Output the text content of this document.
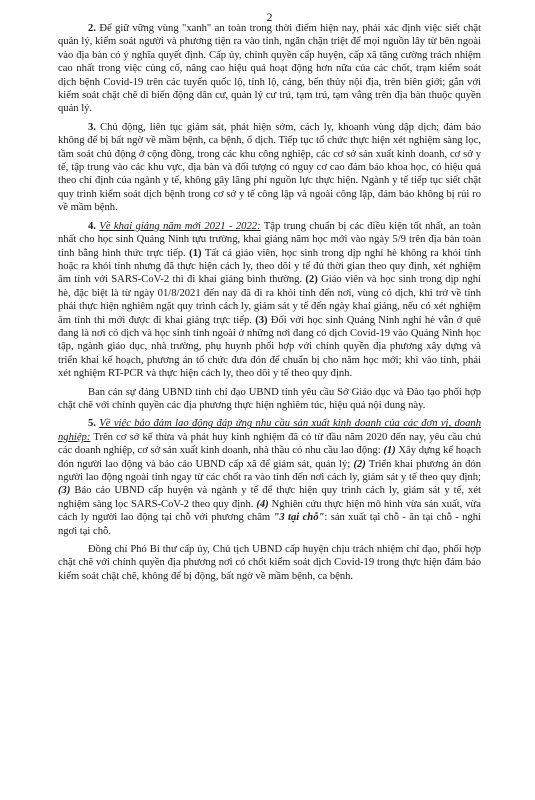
2

2. Để giữ vững vùng "xanh" an toàn trong thời điểm hiện nay, phải xác định việc siết chặt quản lý, kiểm soát người và phương tiện ra vào tỉnh, ngăn chặn triệt để mọi nguồn lây từ bên ngoài vào địa bàn có ý nghĩa quyết định. Cấp ủy, chính quyền cấp huyện, cấp xã tăng cường trách nhiệm cao nhất trong việc củng cố, nâng cao hiệu quả hoạt động hơn nữa của các chốt, trạm kiểm soát dịch bệnh Covid-19 trên các tuyến quốc lộ, tỉnh lộ, cảng, bến thủy nội địa, trên biên giới; gắn với kiểm soát chặt chẽ di biến động dân cư, quản lý cư trú, tạm trú, tạm vắng trên địa bàn thuộc quyền quản lý.

3. Chủ động, liên tục giám sát, phát hiện sớm, cách ly, khoanh vùng dập dịch; đảm bảo không để bị bất ngờ về mầm bệnh, ca bệnh, ổ dịch. Tiếp tục tổ chức thực hiện xét nghiệm sàng lọc, tầm soát chủ động ở cộng đồng, trong các khu công nghiệp, các cơ sở sản xuất kinh doanh, cơ sở y tế, tập trung vào các khu vực, địa bàn và đối tượng có nguy cơ cao đảm bảo khoa học, có hiệu quả theo chỉ định của ngành y tế, không gây lãng phí nguồn lực thực hiện. Ngành y tế tiếp tục siết chặt quy trình kiểm soát dịch bệnh trong cơ sở y tế công lập và ngoài công lập, đảm bảo không bị rủi ro về mầm bệnh.

4. Về khai giảng năm mới 2021 - 2022: Tập trung chuẩn bị các điều kiện tốt nhất, an toàn nhất cho học sinh Quảng Ninh tựu trường, khai giảng năm học mới vào ngày 5/9 trên địa bàn toàn tỉnh bằng hình thức trực tiếp. (1) Tất cả giáo viên, học sinh trong dịp nghỉ hè không ra khỏi tỉnh hoặc ra khỏi tỉnh nhưng đã thực hiện cách ly, theo dõi y tế đủ thời gian theo quy định, xét nghiệm âm tính với SARS-CoV-2 thì đi khai giảng bình thường. (2) Giáo viên và học sinh trong dịp nghỉ hè, đặc biệt là từ ngày 01/8/2021 đến nay đã đi ra khỏi tỉnh đến nơi, vùng có dịch, khi trở về tỉnh phải thực hiện nghiêm ngặt quy trình cách ly, giám sát y tế đến ngày khai giảng, nếu có xét nghiệm âm tính thì mới được đi khai giảng trực tiếp. (3) Đối với học sinh Quảng Ninh nghỉ hè vẫn ở quê đang là nơi có dịch và học sinh tỉnh ngoài ở những nơi đang có dịch Covid-19 vào Quảng Ninh học tập, ngành giáo dục, nhà trường, phụ huynh phối hợp với chính quyền địa phương xây dựng và triển khai kế hoạch, phương án tổ chức đưa đón để chuẩn bị cho năm học mới; khi vào tỉnh, phải xét nghiệm RT-PCR và thực hiện cách ly, theo dõi y tế theo quy định.

Ban cán sự đảng UBND tỉnh chỉ đạo UBND tỉnh yêu cầu Sở Giáo dục và Đào tạo phối hợp chặt chẽ với chính quyền các địa phương thực hiện nghiêm túc, hiệu quả nội dung này.

5. Về việc bảo đảm lao động đáp ứng nhu cầu sản xuất kinh doanh của các đơn vị, doanh nghiệp: Trên cơ sở kế thừa và phát huy kinh nghiệm đã có từ đầu năm 2020 đến nay, yêu cầu chủ các doanh nghiệp, cơ sở sản xuất kinh doanh, nhà thầu có nhu cầu lao động: (1) Xây dựng kế hoạch đón người lao động và báo cáo UBND cấp xã để giám sát, quản lý; (2) Triển khai phương án đón người lao động ngoài tỉnh ngay từ các chốt ra vào tỉnh đến nơi cách ly, giám sát y tế theo quy định; (3) Báo cáo UBND cấp huyện và ngành y tế để thực hiện quy trình cách ly, giám sát y tế, xét nghiệm sàng lọc SARS-CoV-2 theo quy định. (4) Nghiên cứu thực hiện mô hình vừa sản xuất, vừa cách ly người lao động tại chỗ với phương châm "3 tại chỗ": sản xuất tại chỗ - ăn tại chỗ - nghỉ ngơi tại chỗ.

Đồng chí Phó Bí thư cấp ủy, Chủ tịch UBND cấp huyện chịu trách nhiệm chỉ đạo, phối hợp chặt chẽ với chính quyền địa phương nơi có chốt kiểm soát dịch Covid-19 trong thực hiện đảm bảo kiểm soát chặt chẽ, không để bị động, bất ngờ về mầm bệnh, ca bệnh.
